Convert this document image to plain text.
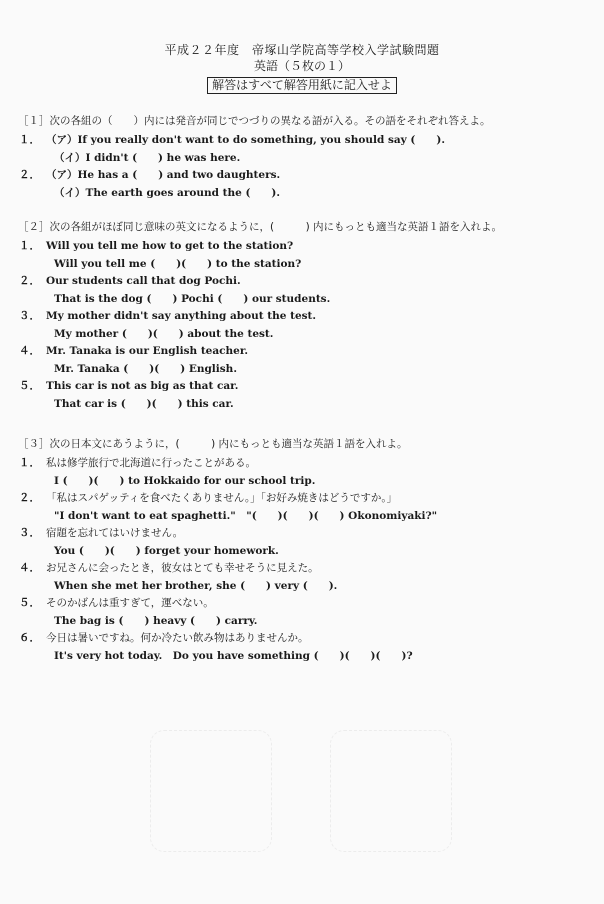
平成２２年度　帝塚山学院高等学校入学試験問題
英語（５枚の１）
解答はすべて解答用紙に記入せよ
［１］次の各組の（　　）内には発音が同じでつづりの異なる語が入る。その語をそれぞれ答えよ。
１． （ア）If you really don't want to do something, you should say (　　).
（イ）I didn't (　　) he was here.
２． （ア）He has a (　　) and two daughters.
（イ）The earth goes around the (　　).
［２］次の各組がほぼ同じ意味の英文になるように，(　　　) 内にもっとも適当な英語１語を入れよ。
１． Will you tell me how to get to the station?
Will you tell me (　　)(　　) to the station?
２． Our students call that dog Pochi.
That is the dog (　　) Pochi (　　) our students.
３． My mother didn't say anything about the test.
My mother (　　)(　　) about the test.
４． Mr. Tanaka is our English teacher.
Mr. Tanaka (　　)(　　) English.
５． This car is not as big as that car.
That car is (　　)(　　) this car.
［３］次の日本文にあうように，(　　　) 内にもっとも適当な英語１語を入れよ。
１． 私は修学旅行で北海道に行ったことがある。
I (　　)(　　) to Hokkaido for our school trip.
２． 「私はスパゲッティを食べたくありません。」「お好み焼きはどうですか。」
"I don't want to eat spaghetti."　"(　　)(　　)(　　) Okonomiyaki?"
３． 宿題を忘れてはいけません。
You (　　)(　　) forget your homework.
４． お兄さんに会ったとき，彼女はとても幸せそうに見えた。
When she met her brother, she (　　) very (　　).
５． そのかばんは重すぎて，運べない。
The bag is (　　) heavy (　　) carry.
６． 今日は暑いですね。何か冷たい飲み物はありませんか。
It's very hot today.　Do you have something (　　)(　　)(　　)?
